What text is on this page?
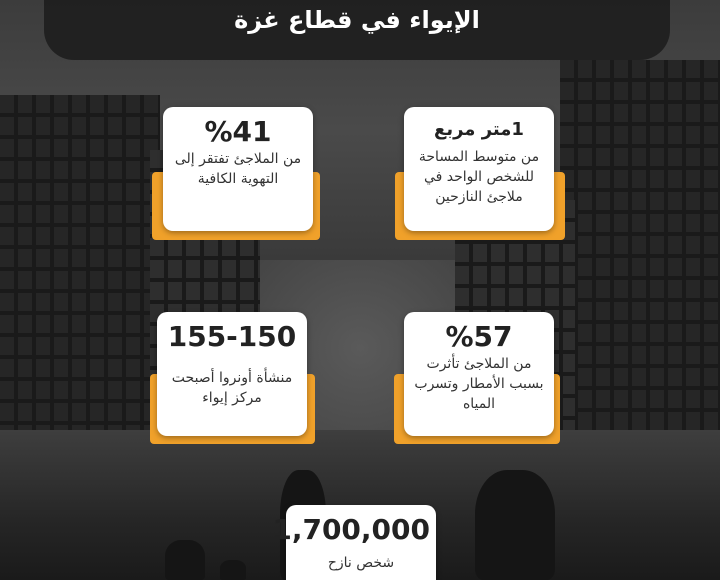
الإيواء في قطاع غزة
%41
من الملاجئ تفتقر إلى التهوية الكافية
1متر مربع
من متوسط المساحة للشخص الواحد في ملاجئ النازحين
155-150
منشأة أونروا أصبحت مركز إيواء
%57
من الملاجئ تأثرت بسبب الأمطار وتسرب المياه
1,700,000
شخص نازح
